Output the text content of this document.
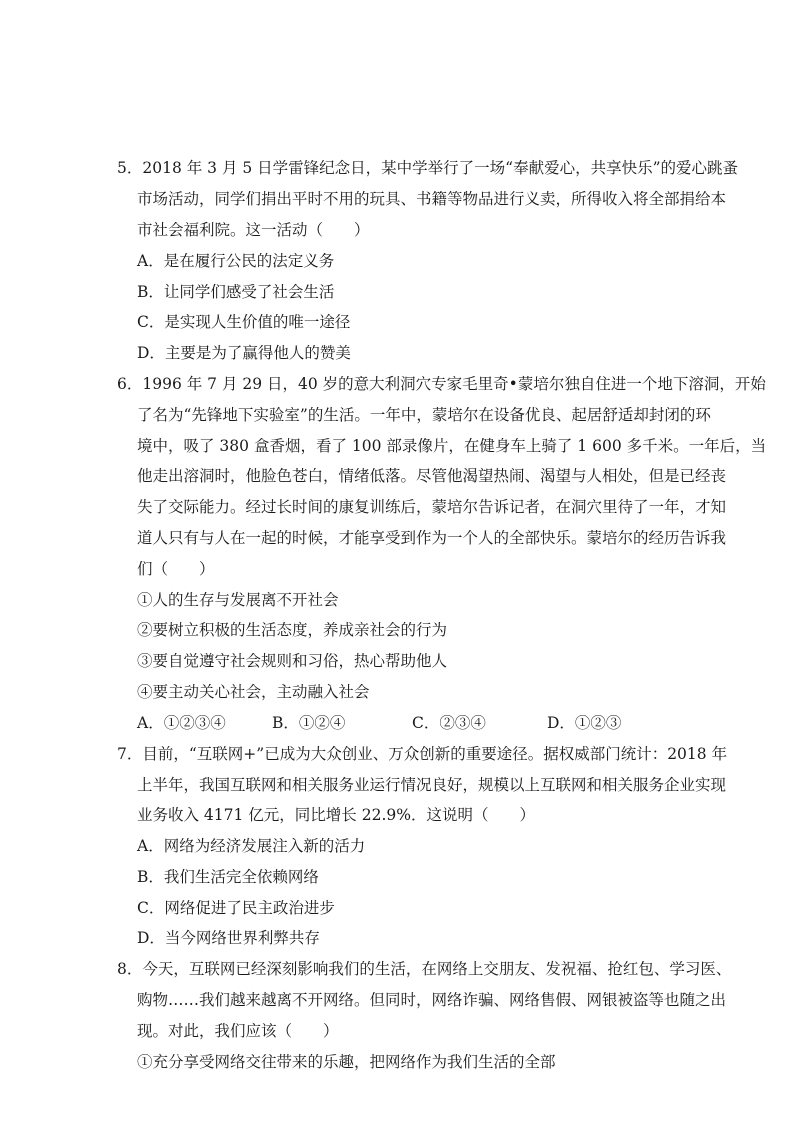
5．2018 年 3 月 5 日学雷锋纪念日，某中学举行了一场“奉献爱心，共享快乐”的爱心跳蚤
市场活动，同学们捐出平时不用的玩具、书籍等物品进行义卖，所得收入将全部捐给本
市社会福利院。这一活动（　　）
A．是在履行公民的法定义务
B．让同学们感受了社会生活
C．是实现人生价值的唯一途径
D．主要是为了赢得他人的赞美
6．1996 年 7 月 29 日，40 岁的意大利洞穴专家毛里奇•蒙培尔独自住进一个地下溶洞，开始
了名为“先锋地下实验室”的生活。一年中，蒙培尔在设备优良、起居舒适却封闭的环
境中，吸了 380 盒香烟，看了 100 部录像片，在健身车上骑了 1 600 多千米。一年后，当
他走出溶洞时，他脸色苍白，情绪低落。尽管他渴望热闹、渴望与人相处，但是已经丧
失了交际能力。经过长时间的康复训练后，蒙培尔告诉记者，在洞穴里待了一年，才知
道人只有与人在一起的时候，才能享受到作为一个人的全部快乐。蒙培尔的经历告诉我
们（　　）
①人的生存与发展离不开社会
②要树立积极的生活态度，养成亲社会的行为
③要自觉遵守社会规则和习俗，热心帮助他人
④要主动关心社会，主动融入社会
A．①②③④	B．①②④	C．②③④	D．①②③
7．目前，“互联网+”已成为大众创业、万众创新的重要途径。据权威部门统计：2018 年
上半年，我国互联网和相关服务业运行情况良好，规模以上互联网和相关服务企业实现
业务收入 4171 亿元，同比增长 22.9%．这说明（　　）
A．网络为经济发展注入新的活力
B．我们生活完全依赖网络
C．网络促进了民主政治进步
D．当今网络世界利弊共存
8．今天，互联网已经深刻影响我们的生活，在网络上交朋友、发祝福、抢红包、学习医、
购物……我们越来越离不开网络。但同时，网络诈骗、网络售假、网银被盗等也随之出
现。对此，我们应该（　　）
①充分享受网络交往带来的乐趣，把网络作为我们生活的全部
